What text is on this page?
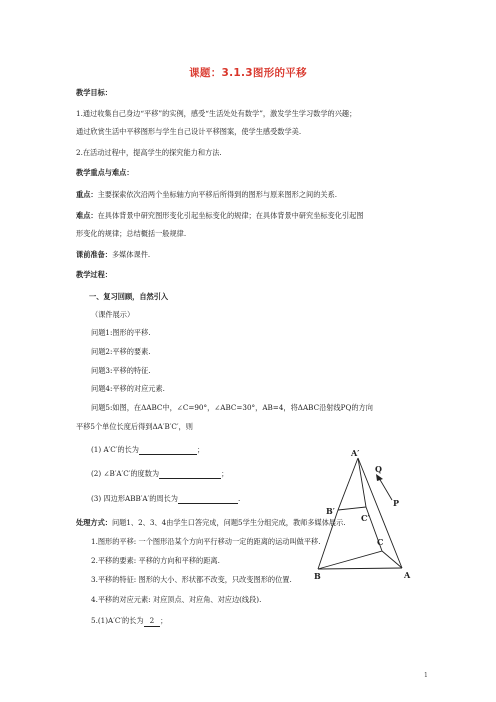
课题：3.1.3图形的平移
教学目标：
1.通过收集自己身边“平移”的实例，感受“生活处处有数学”，激发学生学习数学的兴趣；
通过欣赏生活中平移图形与学生自己设计平移图案，使学生感受数学美.
2.在活动过程中，提高学生的探究能力和方法.
教学重点与难点：
重点：主要探索依次沿两个坐标轴方向平移后所得到的图形与原来图形之间的关系.
难点：在具体背景中研究图形变化引起坐标变化的规律；在具体背景中研究坐标变化引起图
形变化的规律；总结概括一般规律.
课前准备：多媒体课件.
教学过程：
一、复习回顾，自然引入
（课件展示）
问题1:图形的平移.
问题2:平移的要素.
问题3:平移的特征.
问题4:平移的对应元素.
问题5:如图，在ΔABC中，∠C=90°，∠ABC=30°，AB=4，将ΔABC沿射线PQ的方向
平移5个单位长度后得到ΔA′B′C′，则
(1) A′C′的长为	；
(2) ∠B′A′C′的度数为	；
(3) 四边形ABB′A′的周长为	.
处理方式：问题1、2、3、4由学生口答完成，问题5学生分组完成，教师多媒体展示.
1.图形的平移: 一个图形沿某个方向平行移动一定的距离的运动叫做平移.
2.平移的要素: 平移的方向和平移的距离.
3.平移的特征: 图形的大小、形状都不改变，只改变图形的位置.
4.平移的对应元素: 对应顶点、对应角、对应边(线段).
5.(1)A′C′的长为 2 ；
A′
Q
P
B′
C′
C
B	A
1
